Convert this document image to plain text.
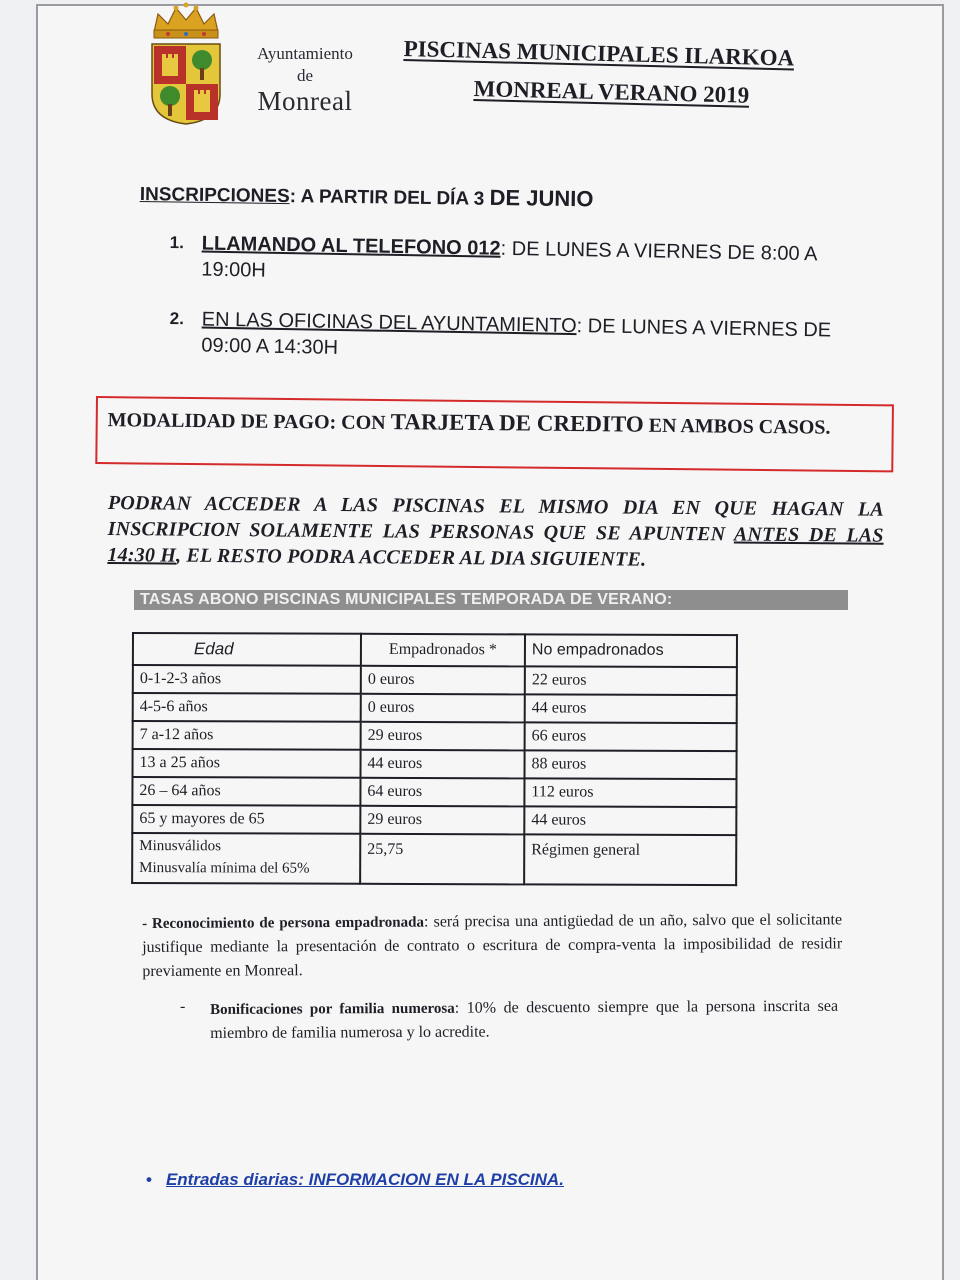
Ayuntamiento
de
Monreal
PISCINAS MUNICIPALES ILARKOA
MONREAL VERANO 2019
INSCRIPCIONES: A PARTIR DEL DÍA 3 DE JUNIO
1. LLAMANDO AL TELEFONO 012: DE LUNES A VIERNES DE 8:00 A 19:00H
2. EN LAS OFICINAS DEL AYUNTAMIENTO: DE LUNES A VIERNES DE 09:00 A 14:30H
MODALIDAD DE PAGO: CON TARJETA DE CREDITO EN AMBOS CASOS.
PODRAN ACCEDER A LAS PISCINAS EL MISMO DIA EN QUE HAGAN LA INSCRIPCION SOLAMENTE LAS PERSONAS QUE SE APUNTEN ANTES DE LAS 14:30 H, EL RESTO PODRA ACCEDER AL DIA SIGUIENTE.
TASAS ABONO PISCINAS MUNICIPALES TEMPORADA DE VERANO:
Edad	Empadronados *	No empadronados
0-1-2-3 años	0 euros	22 euros
4-5-6 años	0 euros	44 euros
7 a-12 años	29 euros	66 euros
13 a 25 años	44 euros	88 euros
26 – 64 años	64 euros	112 euros
65 y mayores de 65	29 euros	44 euros

Minusválidos
Minusvalía mínima del 65%	25,75	Régimen general
- Reconocimiento de persona empadronada: será precisa una antigüedad de un año, salvo que el solicitante justifique mediante la presentación de contrato o escritura de compra-venta la imposibilidad de residir previamente en Monreal.
- Bonificaciones por familia numerosa: 10% de descuento siempre que la persona inscrita sea miembro de familia numerosa y lo acredite.
• Entradas diarias: INFORMACION EN LA PISCINA.
